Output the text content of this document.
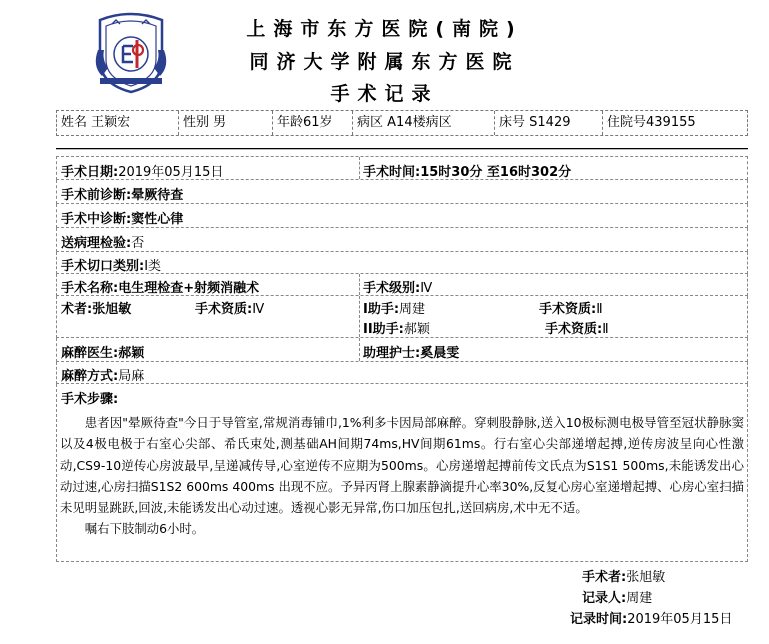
上海市东方医院(南院)
同济大学附属东方医院
手术记录
姓名 王颖宏	性别 男	年龄61岁	病区 A14楼病区	床号 S1429	住院号439155
手术日期:2019年05月15日	手术时间:15时30分 至16时302分
手术前诊断:晕厥待查
手术中诊断:窦性心律
送病理检验:否
手术切口类别:Ⅰ类
手术名称:电生理检查+射频消融术	手术级别:Ⅳ
术者:张旭敏	手术资质:Ⅳ	I助手:周建	手术资质:Ⅱ
II助手:郝颖	手术资质:Ⅱ
麻醉医生:郝颖	助理护士:奚晨雯
麻醉方式:局麻
手术步骤:

患者因"晕厥待查"今日于导管室,常规消毒铺巾,1%利多卡因局部麻醉。穿刺股静脉,送入10极标测电极导管至冠状静脉窦以及4极电极于右室心尖部、希氏束处,测基础AH间期74ms,HV间期61ms。行右室心尖部递增起搏,逆传房波呈向心性激动,CS9-10逆传心房波最早,呈递减传导,心室逆传不应期为500ms。心房递增起搏前传文氏点为S1S1 500ms,未能诱发出心动过速,心房扫描S1S2 600ms 400ms 出现不应。予异丙肾上腺素静滴提升心率30%,反复心房心室递增起搏、心房心室扫描未见明显跳跃,回波,未能诱发出心动过速。透视心影无异常,伤口加压包扎,送回病房,术中无不适。

嘱右下肢制动6小时。

手术者:张旭敏
记录人:周建
记录时间:2019年05月15日
